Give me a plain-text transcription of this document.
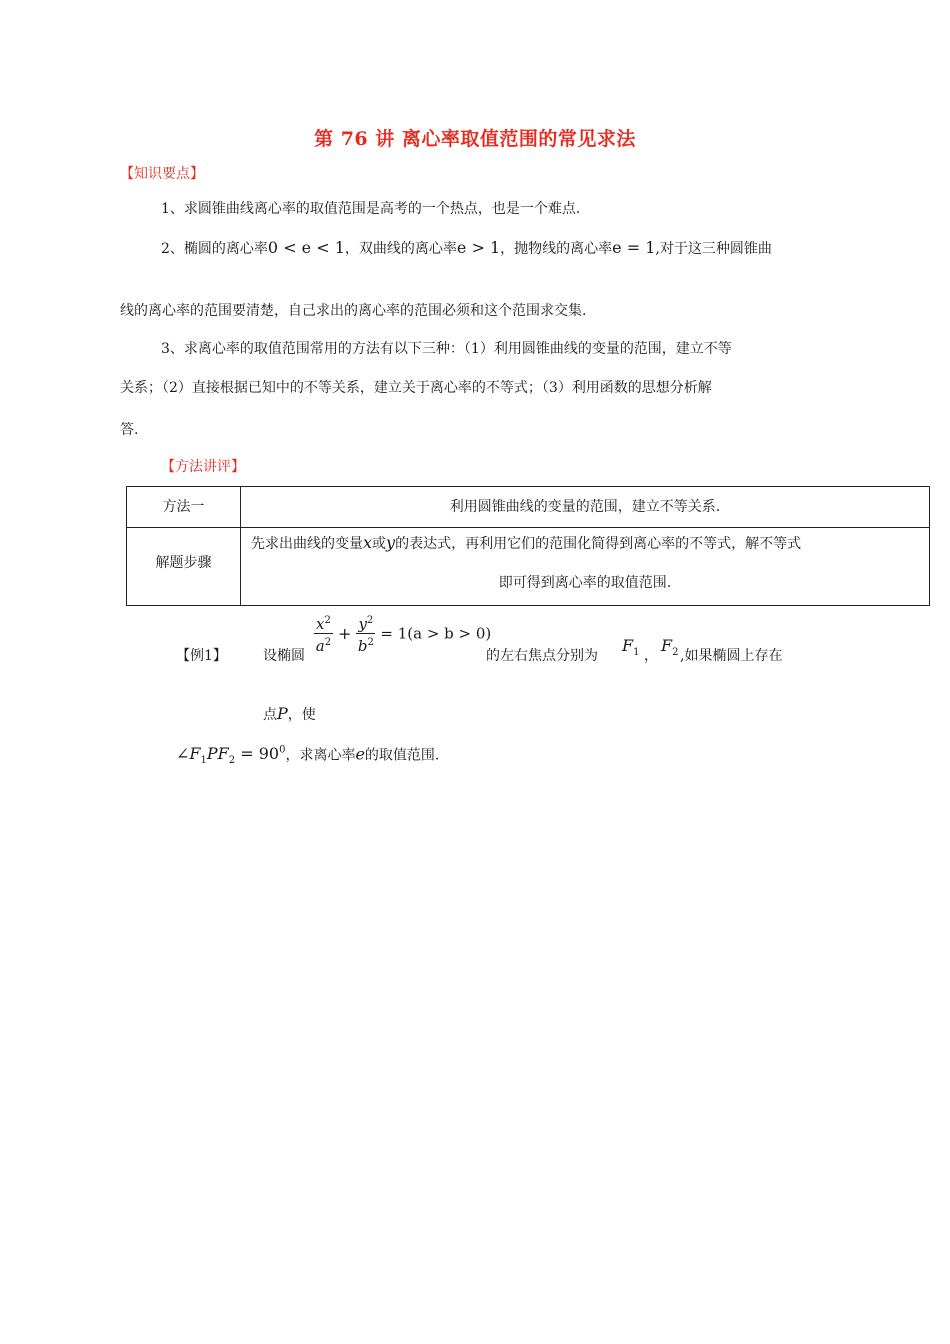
第 76 讲 离心率取值范围的常见求法
【知识要点】
1、求圆锥曲线离心率的取值范围是高考的一个热点，也是一个难点.
2、椭圆的离心率0 < e < 1，双曲线的离心率e > 1，抛物线的离心率e = 1,对于这三种圆锥曲
线的离心率的范围要清楚，自己求出的离心率的范围必须和这个范围求交集.
3、求离心率的取值范围常用的方法有以下三种：（1）利用圆锥曲线的变量的范围，建立不等
关系；（2）直接根据已知中的不等关系，建立关于离心率的不等式；（3）利用函数的思想分析解
答.
【方法讲评】
方法一	利用圆锥曲线的变量的范围，建立不等关系.
解题步骤
先求出曲线的变量x或y的表达式，再利用它们的范围化简得到离心率的不等式，解不等式
即可得到离心率的取值范围.
【例1】	设椭圆
$\frac{x^2}{a^2} + \frac{y^2}{b^2} = 1(a > b > 0)$
的左右焦点分别为
$F_1$ ，
$F_2$ ,如果椭圆上存在
点P，使
$\angle F_1PF_2 = 90^0$，求离心率e的取值范围.
